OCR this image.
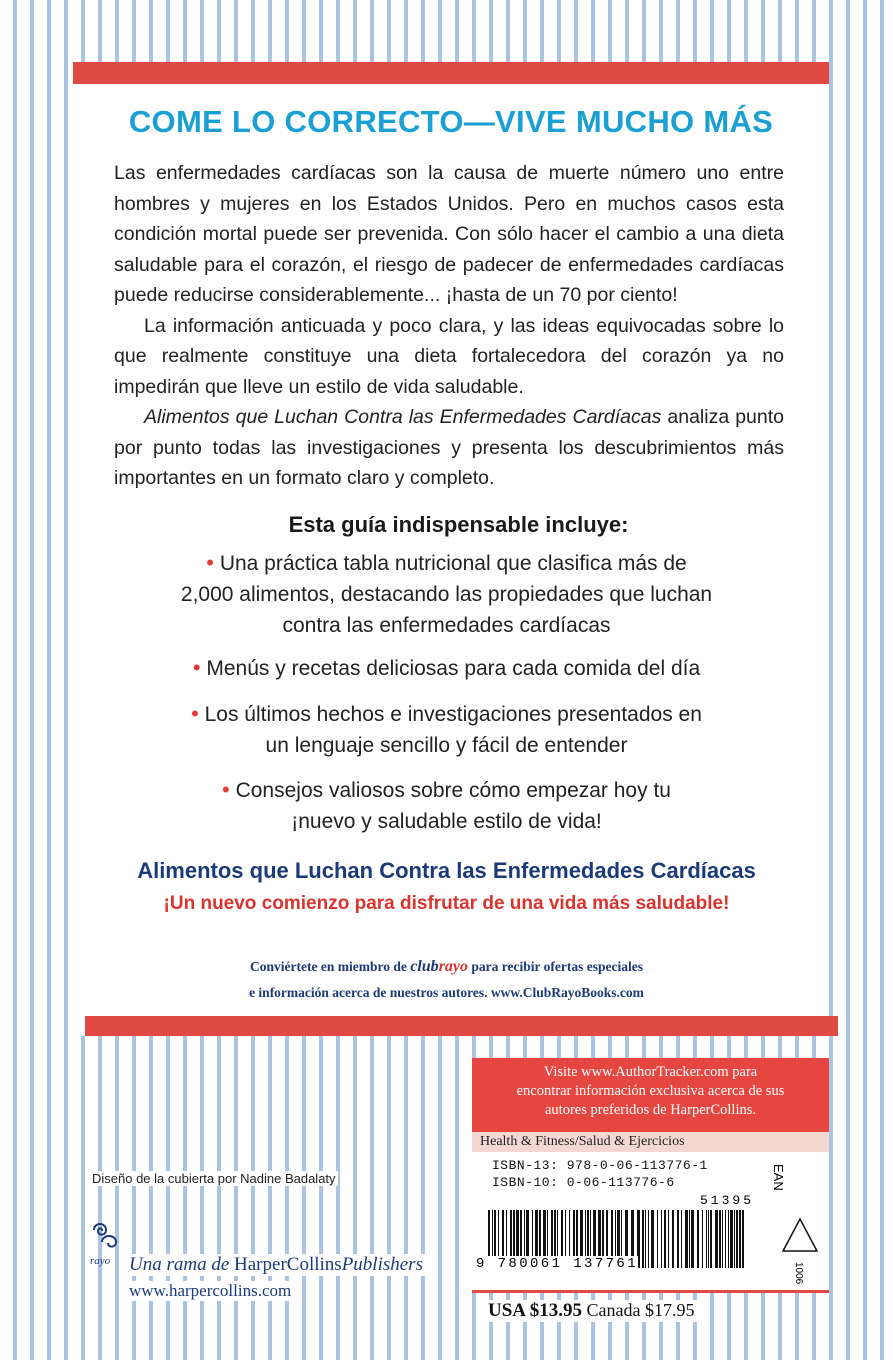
COME LO CORRECTO—VIVE MUCHO MÁS

Las enfermedades cardíacas son la causa de muerte número uno entre hombres y mujeres en los Estados Unidos. Pero en muchos casos esta condición mortal puede ser prevenida. Con sólo hacer el cambio a una dieta saludable para el corazón, el riesgo de padecer de enfermedades cardíacas puede reducirse considerablemente... ¡hasta de un 70 por ciento!

La información anticuada y poco clara, y las ideas equivocadas sobre lo que realmente constituye una dieta fortalecedora del corazón ya no impedirán que lleve un estilo de vida saludable.

Alimentos que Luchan Contra las Enfermedades Cardíacas analiza punto por punto todas las investigaciones y presenta los descubrimientos más importantes en un formato claro y completo.

Esta guía indispensable incluye:
• Una práctica tabla nutricional que clasifica más de
2,000 alimentos, destacando las propiedades que luchan
contra las enfermedades cardíacas
• Menús y recetas deliciosas para cada comida del día
• Los últimos hechos e investigaciones presentados en
un lenguaje sencillo y fácil de entender
• Consejos valiosos sobre cómo empezar hoy tu
¡nuevo y saludable estilo de vida!
Alimentos que Luchan Contra las Enfermedades Cardíacas
¡Un nuevo comienzo para disfrutar de una vida más saludable!
Conviértete en miembro de clubrayo para recibir ofertas especiales
e información acerca de nuestros autores. www.ClubRayoBooks.com
Visite www.AuthorTracker.com para
encontrar información exclusiva acerca de sus
autores preferidos de HarperCollins.
Health & Fitness/Salud & Ejercicios
ISBN-13: 978-0-06-113776-1
ISBN-10: 0-06-113776-6	EAN
51395
9 780061 137761	1006
USA $13.95 Canada $17.95
Diseño de la cubierta por Nadine Badalaty
rayo Una rama de HarperCollinsPublishers
www.harpercollins.com
